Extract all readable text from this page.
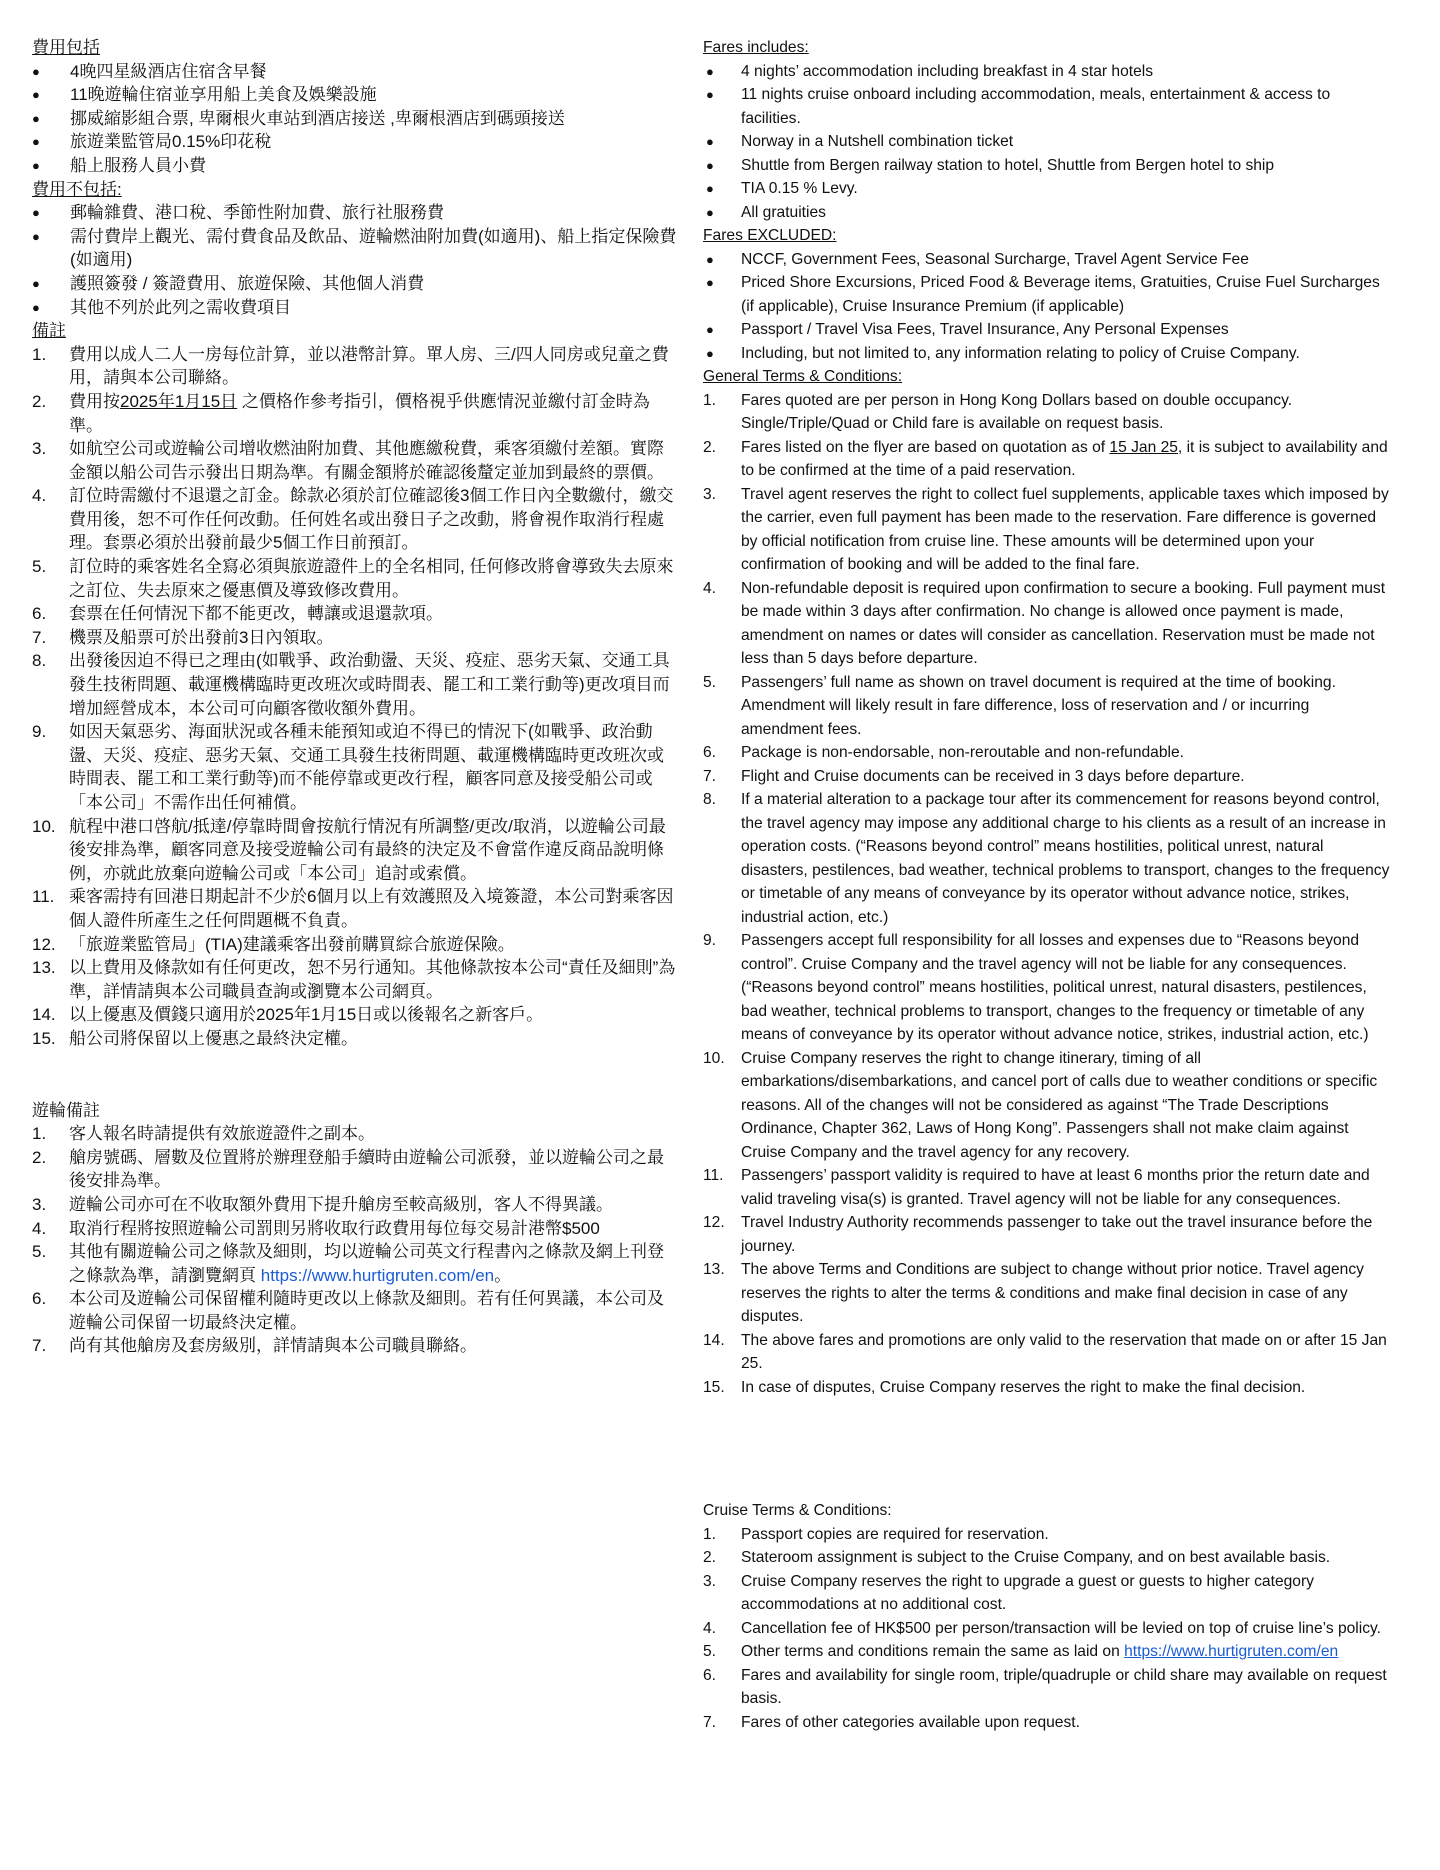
費用包括

● 4晚四星級酒店住宿含早餐
● 11晚遊輪住宿並享用船上美食及娛樂設施
● 挪威縮影組合票, 卑爾根火車站到酒店接送 ,卑爾根酒店到碼頭接送
● 旅遊業監管局0.15%印花稅
● 船上服務人員小費

費用不包括:

● 郵輪雜費、港口稅、季節性附加費、旅行社服務費
● 需付費岸上觀光、需付費食品及飲品、遊輪燃油附加費(如適用)、船上指定保險費(如適用)
● 護照簽發 / 簽證費用、旅遊保險、其他個人消費
● 其他不列於此列之需收費項目

備註

1.	費用以成人二人一房每位計算，並以港幣計算。單人房、三/四人同房或兒童之費用，請與本公司聯絡。
2.	費用按2025年1月15日 之價格作參考指引，價格視乎供應情況並繳付訂金時為準。
3.	如航空公司或遊輪公司增收燃油附加費、其他應繳稅費，乘客須繳付差額。實際金額以船公司告示發出日期為準。有關金額將於確認後釐定並加到最終的票價。
4.	訂位時需繳付不退還之訂金。餘款必須於訂位確認後3個工作日內全數繳付，繳交費用後，恕不可作任何改動。任何姓名或出發日子之改動，將會視作取消行程處理。套票必須於出發前最少5個工作日前預訂。
5.	訂位時的乘客姓名全寫必須與旅遊證件上的全名相同, 任何修改將會導致失去原來之訂位、失去原來之優惠價及導致修改費用。
6.	套票在任何情況下都不能更改，轉讓或退還款項。
7.	機票及船票可於出發前3日內領取。
8.	出發後因迫不得已之理由(如戰爭、政治動盪、天災、疫症、惡劣天氣、交通工具發生技術問題、載運機構臨時更改班次或時間表、罷工和工業行動等)更改項目而增加經營成本，本公司可向顧客徵收額外費用。
9.	如因天氣惡劣、海面狀況或各種未能預知或迫不得已的情況下(如戰爭、政治動盪、天災、疫症、惡劣天氣、交通工具發生技術問題、載運機構臨時更改班次或時間表、罷工和工業行動等)而不能停靠或更改行程，顧客同意及接受船公司或「本公司」不需作出任何補償。
10. 航程中港口啓航/抵達/停靠時間會按航行情況有所調整/更改/取消，以遊輪公司最後安排為準，顧客同意及接受遊輪公司有最終的決定及不會當作違反商品說明條例，亦就此放棄向遊輪公司或「本公司」追討或索償。
11. 乘客需持有回港日期起計不少於6個月以上有效護照及入境簽證，本公司對乘客因個人證件所產生之任何問題概不負責。
12. 「旅遊業監管局」(TIA)建議乘客出發前購買綜合旅遊保險。
13. 以上費用及條款如有任何更改，恕不另行通知。其他條款按本公司“責任及細則”為準，詳情請與本公司職員查詢或瀏覽本公司網頁。
14. 以上優惠及價錢只適用於2025年1月15日或以後報名之新客戶。
15. 船公司將保留以上優惠之最終決定權。

遊輪備註

1.	客人報名時請提供有效旅遊證件之副本。
2.	艙房號碼、層數及位置將於辦理登船手續時由遊輪公司派發，並以遊輪公司之最後安排為準。
3.	遊輪公司亦可在不收取額外費用下提升艙房至較高級別，客人不得異議。
4.	取消行程將按照遊輪公司罰則另將收取行政費用每位每交易計港幣$500
5.	其他有關遊輪公司之條款及細則，均以遊輪公司英文行程書內之條款及網上刊登之條款為準，請瀏覽網頁 https://www.hurtigruten.com/en。
6.	本公司及遊輪公司保留權利隨時更改以上條款及細則。若有任何異議，本公司及遊輪公司保留一切最終決定權。
7.	尚有其他艙房及套房級別，詳情請與本公司職員聯絡。

Fares includes:

● 4 nights’ accommodation including breakfast in 4 star hotels
● 11 nights cruise onboard including accommodation, meals, entertainment & access to facilities.
● Norway in a Nutshell combination ticket
● Shuttle from Bergen railway station to hotel, Shuttle from Bergen hotel to ship
● TIA 0.15 % Levy.
● All gratuities

Fares EXCLUDED:

● NCCF, Government Fees, Seasonal Surcharge, Travel Agent Service Fee
● Priced Shore Excursions, Priced Food & Beverage items, Gratuities, Cruise Fuel Surcharges (if applicable), Cruise Insurance Premium (if applicable)
● Passport / Travel Visa Fees, Travel Insurance, Any Personal Expenses
● Including, but not limited to, any information relating to policy of Cruise Company.

General Terms & Conditions:

1.	Fares quoted are per person in Hong Kong Dollars based on double occupancy. Single/Triple/Quad or Child fare is available on request basis.
2.	Fares listed on the flyer are based on quotation as of 15 Jan 25, it is subject to availability and to be confirmed at the time of a paid reservation.
3.	Travel agent reserves the right to collect fuel supplements, applicable taxes which imposed by the carrier, even full payment has been made to the reservation. Fare difference is governed by official notification from cruise line. These amounts will be determined upon your confirmation of booking and will be added to the final fare.
4.	Non-refundable deposit is required upon confirmation to secure a booking. Full payment must be made within 3 days after confirmation. No change is allowed once payment is made, amendment on names or dates will consider as cancellation. Reservation must be made not less than 5 days before departure.
5.	Passengers’ full name as shown on travel document is required at the time of booking. Amendment will likely result in fare difference, loss of reservation and / or incurring amendment fees.
6.	Package is non-endorsable, non-reroutable and non-refundable.
7.	Flight and Cruise documents can be received in 3 days before departure.
8.	If a material alteration to a package tour after its commencement for reasons beyond control, the travel agency may impose any additional charge to his clients as a result of an increase in operation costs. (“Reasons beyond control” means hostilities, political unrest, natural disasters, pestilences, bad weather, technical problems to transport, changes to the frequency or timetable of any means of conveyance by its operator without advance notice, strikes, industrial action, etc.)
9.	Passengers accept full responsibility for all losses and expenses due to “Reasons beyond control”. Cruise Company and the travel agency will not be liable for any consequences. (“Reasons beyond control” means hostilities, political unrest, natural disasters, pestilences, bad weather, technical problems to transport, changes to the frequency or timetable of any means of conveyance by its operator without advance notice, strikes, industrial action, etc.)
10.	Cruise Company reserves the right to change itinerary, timing of all embarkations/disembarkations, and cancel port of calls due to weather conditions or specific reasons. All of the changes will not be considered as against “The Trade Descriptions Ordinance, Chapter 362, Laws of Hong Kong”. Passengers shall not make claim against Cruise Company and the travel agency for any recovery.
11.	Passengers’ passport validity is required to have at least 6 months prior the return date and valid traveling visa(s) is granted. Travel agency will not be liable for any consequences.
12.	Travel Industry Authority recommends passenger to take out the travel insurance before the journey.
13.	The above Terms and Conditions are subject to change without prior notice. Travel agency reserves the rights to alter the terms & conditions and make final decision in case of any disputes.
14.	The above fares and promotions are only valid to the reservation that made on or after 15 Jan 25.
15.	In case of disputes, Cruise Company reserves the right to make the final decision.

Cruise Terms & Conditions:

1.	Passport copies are required for reservation.
2.	Stateroom assignment is subject to the Cruise Company, and on best available basis.
3.	Cruise Company reserves the right to upgrade a guest or guests to higher category accommodations at no additional cost.
4.	Cancellation fee of HK$500 per person/transaction will be levied on top of cruise line’s policy.
5.	Other terms and conditions remain the same as laid on https://www.hurtigruten.com/en
6.	Fares and availability for single room, triple/quadruple or child share may available on request basis.
7.	Fares of other categories available upon request.
